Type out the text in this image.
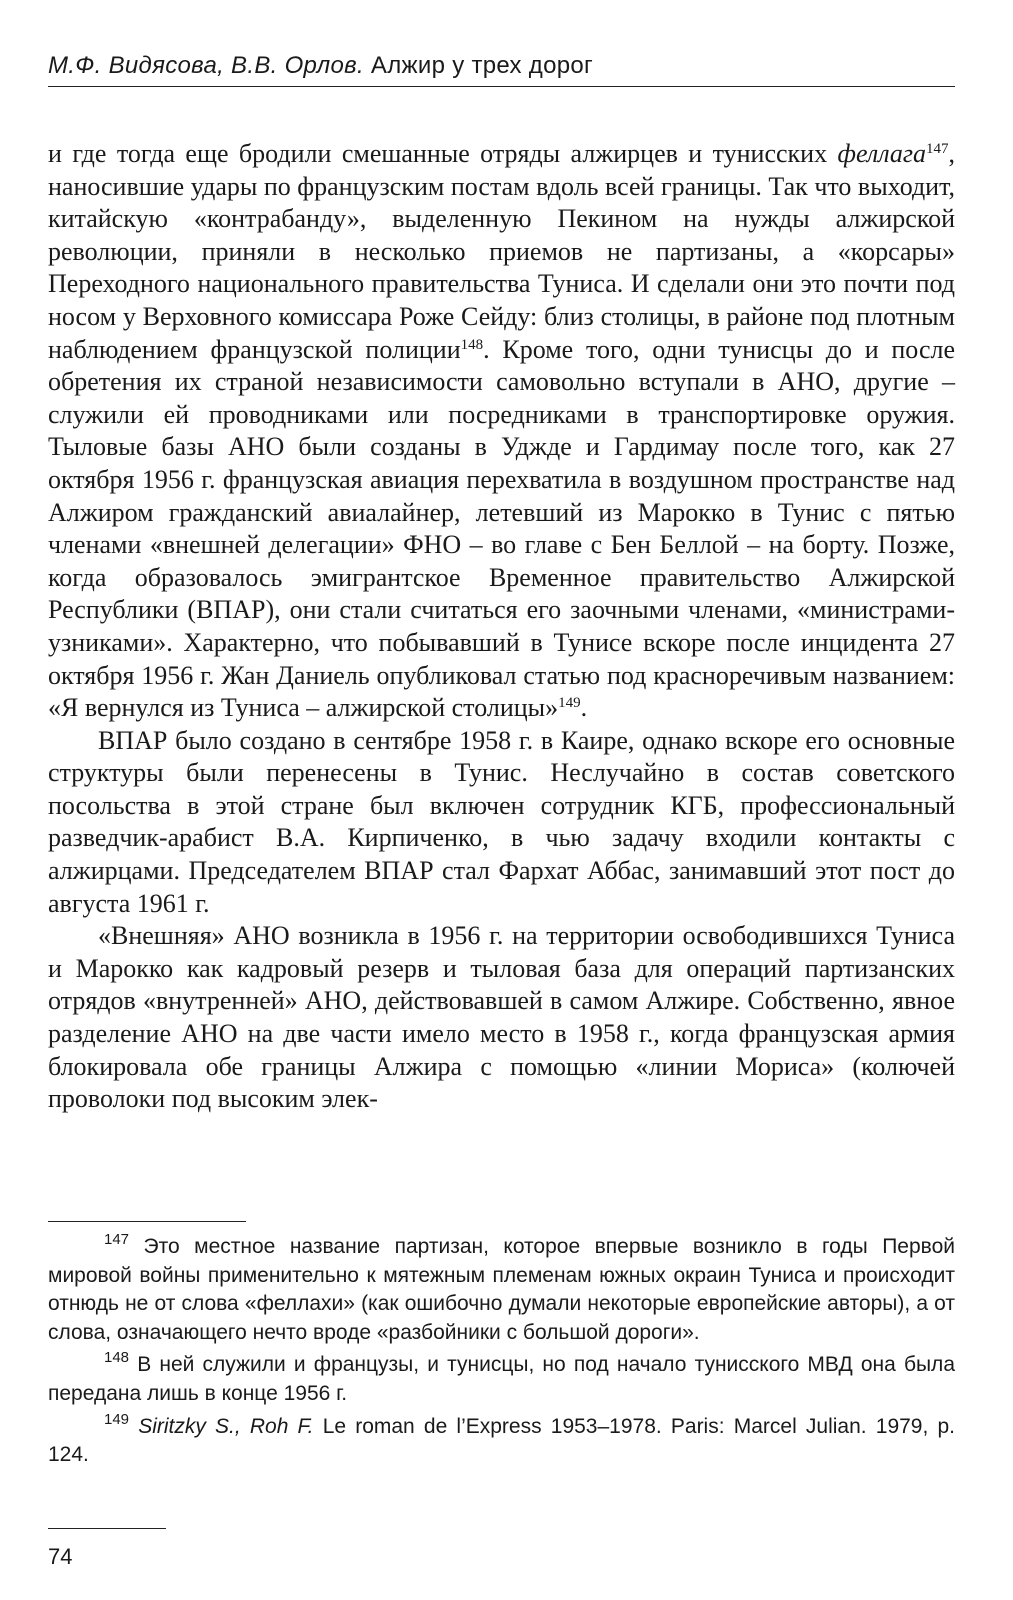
М.Ф. Видясова, В.В. Орлов. Алжир у трех дорог

и где тогда еще бродили смешанные отряды алжирцев и тунисских феллага$^{147}$, наносившие удары по французским постам вдоль всей границы. Так что выходит, китайскую «контрабанду», выделенную Пекином на нужды алжирской революции, приняли в несколько приемов не партизаны, а «корсары» Переходного национального правительства Туниса. И сделали они это почти под носом у Верховного комиссара Роже Сейду: близ столицы, в районе под плотным наблюдением французской полиции$^{148}$. Кроме того, одни тунисцы до и после обретения их страной независимости самовольно вступали в АНО, другие – служили ей проводниками или посредниками в транспортировке оружия. Тыловые базы АНО были созданы в Уджде и Гардимау после того, как 27 октября 1956 г. французская авиация перехватила в воздушном пространстве над Алжиром гражданский авиалайнер, летевший из Марокко в Тунис с пятью членами «внешней делегации» ФНО – во главе с Бен Беллой – на борту. Позже, когда образовалось эмигрантское Временное правительство Алжирской Республики (ВПАР), они стали считаться его заочными членами, «министрами-узниками». Характерно, что побывавший в Тунисе вскоре после инцидента 27 октября 1956 г. Жан Даниель опубликовал статью под красноречивым названием: «Я вернулся из Туниса – алжирской столицы»$^{149}$.

ВПАР было создано в сентябре 1958 г. в Каире, однако вскоре его основные структуры были перенесены в Тунис. Неслучайно в состав советского посольства в этой стране был включен сотрудник КГБ, профессиональный разведчик-арабист В.А. Кирпиченко, в чью задачу входили контакты с алжирцами. Председателем ВПАР стал Фархат Аббас, занимавший этот пост до августа 1961 г.

«Внешняя» АНО возникла в 1956 г. на территории освободившихся Туниса и Марокко как кадровый резерв и тыловая база для операций партизанских отрядов «внутренней» АНО, действовавшей в самом Алжире. Собственно, явное разделение АНО на две части имело место в 1958 г., когда французская армия блокировала обе границы Алжира с помощью «линии Мориса» (колючей проволоки под высоким элек-

$^{147}$ Это местное название партизан, которое впервые возникло в годы Первой мировой войны применительно к мятежным племенам южных окраин Туниса и происходит отнюдь не от слова «феллахи» (как ошибочно думали некоторые европейские авторы), а от слова, означающего нечто вроде «разбойники с большой дороги».

$^{148}$ В ней служили и французы, и тунисцы, но под начало тунисского МВД она была передана лишь в конце 1956 г.

$^{149}$ Siritzky S., Roh F. Le roman de l’Express 1953–1978. Paris: Marcel Julian. 1979, p. 124.

74
